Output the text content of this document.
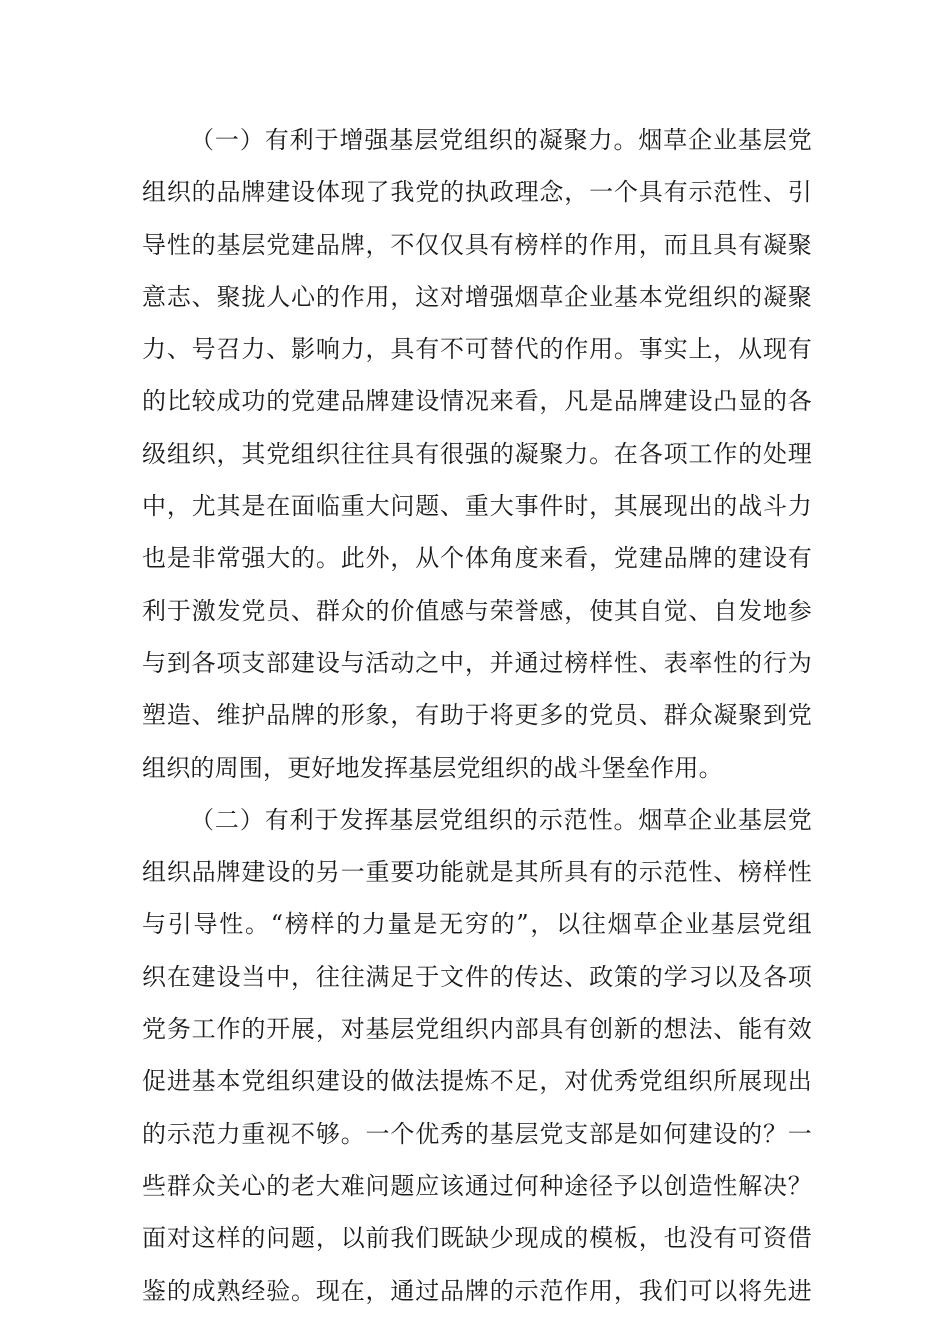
（一）有利于增强基层党组织的凝聚力。烟草企业基层党
组织的品牌建设体现了我党的执政理念，一个具有示范性、引
导性的基层党建品牌，不仅仅具有榜样的作用，而且具有凝聚
意志、聚拢人心的作用，这对增强烟草企业基本党组织的凝聚
力、号召力、影响力，具有不可替代的作用。事实上，从现有
的比较成功的党建品牌建设情况来看，凡是品牌建设凸显的各
级组织，其党组织往往具有很强的凝聚力。在各项工作的处理
中，尤其是在面临重大问题、重大事件时，其展现出的战斗力
也是非常强大的。此外，从个体角度来看，党建品牌的建设有
利于激发党员、群众的价值感与荣誉感，使其自觉、自发地参
与到各项支部建设与活动之中，并通过榜样性、表率性的行为
塑造、维护品牌的形象，有助于将更多的党员、群众凝聚到党
组织的周围，更好地发挥基层党组织的战斗堡垒作用。
（二）有利于发挥基层党组织的示范性。烟草企业基层党
组织品牌建设的另一重要功能就是其所具有的示范性、榜样性
与引导性。“榜样的力量是无穷的”，以往烟草企业基层党组
织在建设当中，往往满足于文件的传达、政策的学习以及各项
党务工作的开展，对基层党组织内部具有创新的想法、能有效
促进基本党组织建设的做法提炼不足，对优秀党组织所展现出
的示范力重视不够。一个优秀的基层党支部是如何建设的？一
些群众关心的老大难问题应该通过何种途径予以创造性解决？
面对这样的问题，以前我们既缺少现成的模板，也没有可资借
鉴的成熟经验。现在，通过品牌的示范作用，我们可以将先进
